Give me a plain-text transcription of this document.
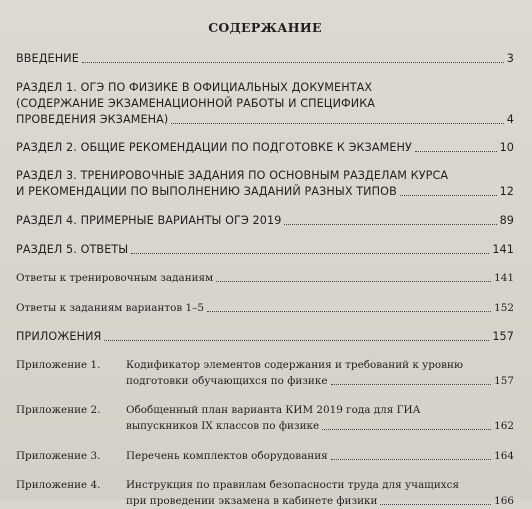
СОДЕРЖАНИЕ
ВВЕДЕНИЕ	3
РАЗДЕЛ 1. ОГЭ ПО ФИЗИКЕ В ОФИЦИАЛЬНЫХ ДОКУМЕНТАХ
(СОДЕРЖАНИЕ ЭКЗАМЕНАЦИОННОЙ РАБОТЫ И СПЕЦИФИКА
ПРОВЕДЕНИЯ ЭКЗАМЕНА)	4
РАЗДЕЛ 2. ОБЩИЕ РЕКОМЕНДАЦИИ ПО ПОДГОТОВКЕ К ЭКЗАМЕНУ	10
РАЗДЕЛ 3. ТРЕНИРОВОЧНЫЕ ЗАДАНИЯ ПО ОСНОВНЫМ РАЗДЕЛАМ КУРСА
И РЕКОМЕНДАЦИИ ПО ВЫПОЛНЕНИЮ ЗАДАНИЙ РАЗНЫХ ТИПОВ	12
РАЗДЕЛ 4. ПРИМЕРНЫЕ ВАРИАНТЫ ОГЭ 2019	89
РАЗДЕЛ 5. ОТВЕТЫ	141
Ответы к тренировочным заданиям	141
Ответы к заданиям вариантов 1–5	152
ПРИЛОЖЕНИЯ	157
Приложение 1.	Кодификатор элементов содержания и требований к уровню
подготовки обучающихся по физике	157
Приложение 2.	Обобщенный план варианта КИМ 2019 года для ГИА
выпускников IX классов по физике	162
Приложение 3.	Перечень комплектов оборудования	164
Приложение 4.	Инструкция по правилам безопасности труда для учащихся
при проведении экзамена в кабинете физики	166
